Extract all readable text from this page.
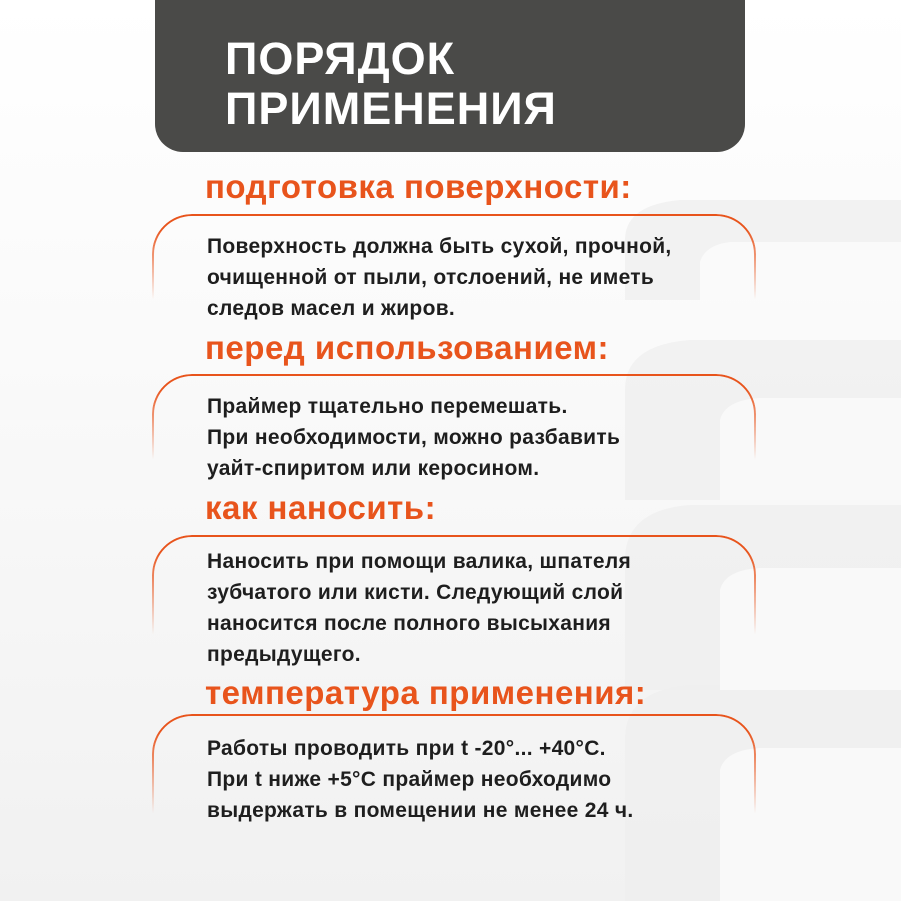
ПОРЯДОК
ПРИМЕНЕНИЯ
подготовка поверхности:

Поверхность должна быть сухой, прочной,
очищенной от пыли, отслоений, не иметь
следов масел и жиров.

перед использованием:

Праймер тщательно перемешать.
При необходимости, можно разбавить
уайт-спиритом или керосином.

как наносить:

Наносить при помощи валика, шпателя
зубчатого или кисти. Следующий слой
наносится после полного высыхания
предыдущего.

температура применения:

Работы проводить при t -20°... +40°С.
При t ниже +5°С праймер необходимо
выдержать в помещении не менее 24 ч.
